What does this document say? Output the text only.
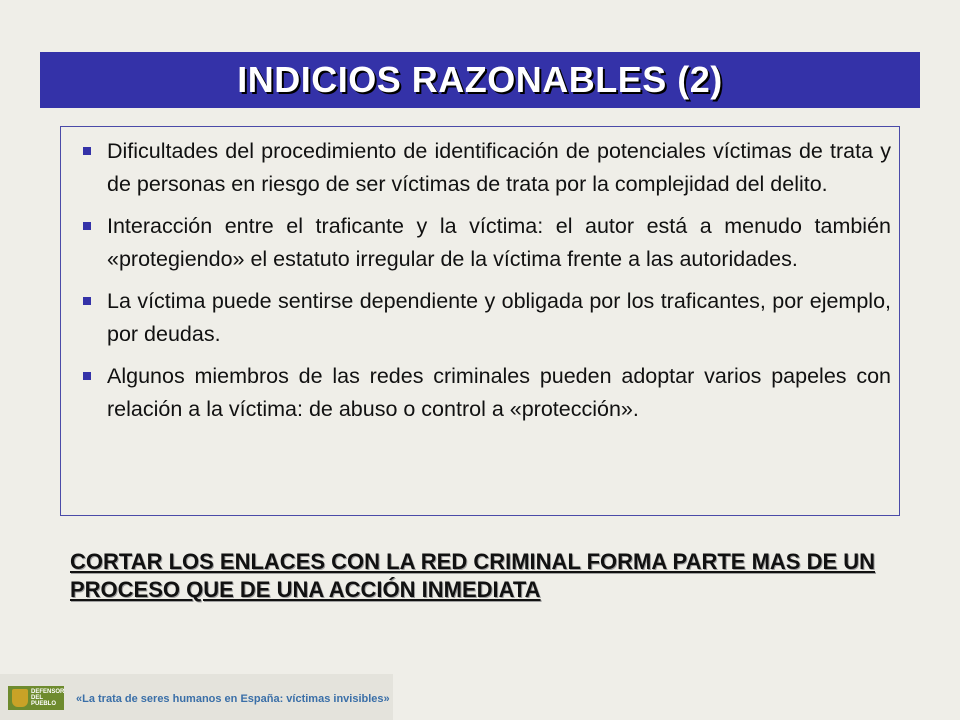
INDICIOS RAZONABLES (2)
Dificultades del procedimiento de identificación de potenciales víctimas de trata y de personas en riesgo de ser víctimas de trata por la complejidad del delito.
Interacción entre el traficante y la víctima: el autor está a menudo también «protegiendo» el estatuto irregular de la víctima frente a las autoridades.
La víctima puede sentirse dependiente y obligada por los traficantes, por ejemplo, por deudas.
Algunos miembros de las redes criminales pueden adoptar varios papeles con relación a la víctima: de abuso o control a «protección».
CORTAR LOS ENLACES CON LA RED CRIMINAL FORMA PARTE MAS DE UN PROCESO QUE DE UNA ACCIÓN INMEDIATA
DEFENSOR DEL PUEBLO	«La trata de seres humanos en España: víctimas invisibles»
